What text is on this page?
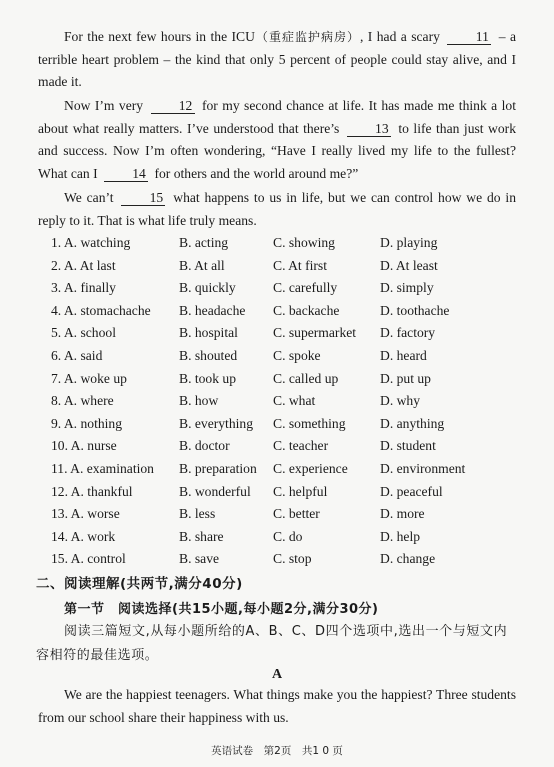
For the next few hours in the ICU（重症监护病房）, I had a scary	11 – a terrible heart problem – the kind that only 5 percent of people could stay alive, and I made it.
Now I’m very	12 for my second chance at life. It has made me think a lot about what really matters. I’ve understood that there’s	13 to life than just work and success. Now I’m often wondering, “Have I really lived my life to the fullest? What can I	14 for others and the world around me?”
We can’t	15 what happens to us in life, but we can control how we do in reply to it. That is what life truly means.
1. A. watching	B. acting	C. showing	D. playing
2. A. At last	B. At all	C. At first	D. At least
3. A. finally	B. quickly	C. carefully	D. simply
4. A. stomachache B. headache C. backache	D. toothache
5. A. school	B. hospital	C. supermarket D. factory
6. A. said	B. shouted	C. spoke	D. heard
7. A. woke up	B. took up	C. called up	D. put up
8. A. where	B. how	C. what	D. why
9. A. nothing	B. everything C. something	D. anything
10. A. nurse	B. doctor	C. teacher	D. student
11. A. examination B. preparation C. experience D. environment
12. A. thankful	B. wonderful C. helpful	D. peaceful
13. A. worse	B. less	C. better	D. more
14. A. work	B. share	C. do	D. help
15. A. control	B. save	C. stop	D. change
二、阅读理解(共两节,满分40分)
第一节　阅读选择(共15小题,每小题2分,满分30分)
阅读三篇短文,从每小题所给的A、B、C、D四个选项中,选出一个与短文内容相符的最佳选项。
A
We are the happiest teenagers. What things make you the happiest? Three students from our school share their happiness with us.
英语试卷　第2页　共1 0 页
